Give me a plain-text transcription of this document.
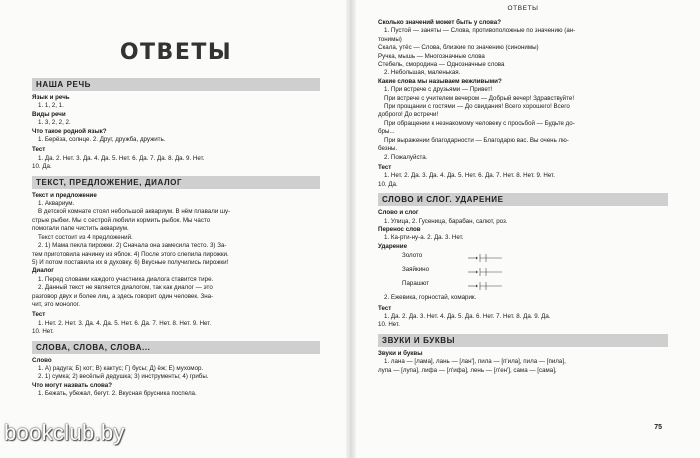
ОТВЕТЫ
НАША РЕЧЬ
Язык и речь
1. 1, 2, 1.
Виды речи
1. 3, 2, 2, 2.
Что такое родной язык?
1. Берёза, солнце. 2. Друг, дружба, дружить.
Тест
1. Да. 2. Нет. 3. Да. 4. Да. 5. Нет. 6. Да. 7. Да. 8. Да. 9. Нет.
10. Да.
ТЕКСТ, ПРЕДЛОЖЕНИЕ, ДИАЛОГ
Текст и предложение
1. Аквариум.
В детской комнате стоял небольшой аквариум. В нём плавали шу-
стрые рыбки. Мы с сестрой любили кормить рыбок. Мы часто
помогали папе чистить аквариум.
Текст состоит из 4 предложений.
2. 1) Мама пекла пирожки. 2) Сначала она замесила тесто. 3) За-
тем приготовила начинку из яблок. 4) После этого слепила пирожки.
5) И потом поставила их в духовку. 6) Вкусные получились пирожки!
Диалог
1. Перед словами каждого участника диалога ставится тире.
2. Данный текст не является диалогом, так как диалог — это
разговор двух и более лиц, а здесь говорит один человек. Зна-
чит, это монолог.
Тест
1. Нет. 2. Нет. 3. Да. 4. Да. 5. Нет. 6. Да. 7. Нет. 8. Нет. 9. Нет.
10. Нет.
СЛОВА, СЛОВА, СЛОВА...
Слово
1. А) радуга; Б) кот; В) кактус; Г) бусы; Д) ёж; Е) мухомор.
2. 1) сумка; 2) весёлый дедушка; 3) инструменты; 4) грибы.
Что могут назвать слова?
1. Бежать, убежал, бегут. 2. Вкусная брусника поспела.
ОТВЕТЫ
Сколько значений может быть у слова?
1. Пустой — заняты — Слова, противоположные по значению (ан-
тонимы)
Скала, утёс — Слова, близкие по значению (синонимы)
Ручка, мышь — Многозначные слова
Стебель, смородина — Однозначные слова
2. Небольшая, маленькая.
Какие слова мы называем вежливыми?
1. При встрече с друзьями — Привет!
При встрече с учителем вечером — Добрый вечер! Здравствуйте!
При прощании с гостями — До свидания! Всего хорошего! Всего
доброго! До встречи!
При обращении к незнакомому человеку с просьбой — Будьте до-
бры...
При выражении благодарности — Благодарю вас. Вы очень лю-
безны.
2. Пожалуйста.
Тест
1. Нет. 2. Да. 3. Да. 4. Да. 5. Нет. 6. Да. 7. Нет. 8. Нет. 9. Нет.
10. Да.
СЛОВО И СЛОГ. УДАРЕНИЕ
Слово и слог
1. Улица, 2. Гусеница, барабан, салют, роз.
Перенос слов
1. Ка-рти-ну-а. 2. Да. 3. Нет.
Ударение
Золото
Заяйкино
Парашют
2. Ежевика, горностай, комарик.
Тест
1. Да. 2. Да. 3. Нет. 4. Да. 5. Да. 6. Нет. 7. Нет. 8. Да. 9. Да.
10. Нет.
ЗВУКИ И БУКВЫ
Звуки и буквы
1. лана — [лама], лань — [лан'], пила — [п'ила], пила — [пила],
лупа — [лупа], лифа — [л'ифа], лень — [л'ен'], сама — [сама],
75
bookclub.by
